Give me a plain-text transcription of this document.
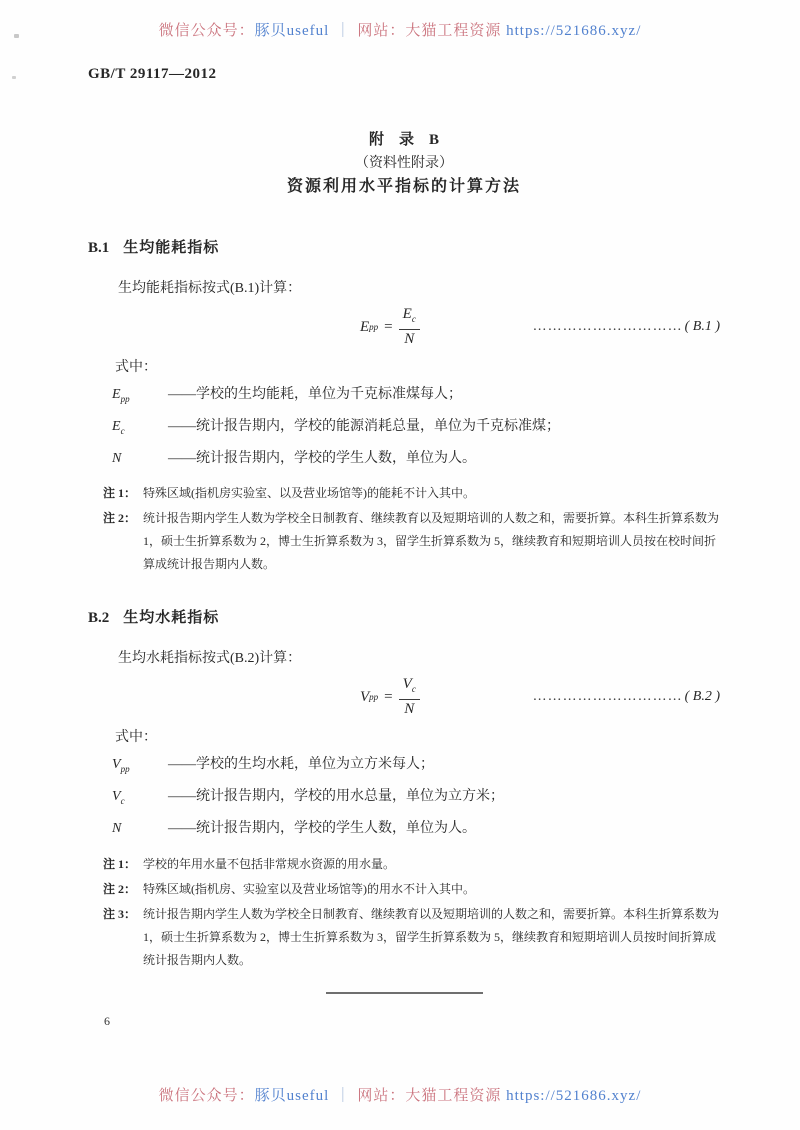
微信公众号：豚贝useful ｜ 网站：大猫工程资源 https://521686.xyz/
GB/T 29117—2012
附　录　B
（资料性附录）
资源利用水平指标的计算方法
B.1 生均能耗指标

生均能耗指标按式(B.1)计算：

E pp = $\frac{E_c}{N}$	………………………… ( B.1 )

式中：

$E_{pp}$	——学校的生均能耗，单位为千克标准煤每人；
$E_c$	——统计报告期内，学校的能源消耗总量，单位为千克标准煤；
N	——统计报告期内，学校的学生人数，单位为人。
注 1： 特殊区域(指机房实验室、以及营业场馆等)的能耗不计入其中。
注 2： 统计报告期内学生人数为学校全日制教育、继续教育以及短期培训的人数之和，需要折算。本科生折算系数为 1，硕士生折算系数为 2，博士生折算系数为 3，留学生折算系数为 5，继续教育和短期培训人员按在校时间折算成统计报告期内人数。
B.2 生均水耗指标

生均水耗指标按式(B.2)计算：

V pp = $\frac{V_c}{N}$	………………………… ( B.2 )

式中：

$V_{pp}$	——学校的生均水耗，单位为立方米每人；
$V_c$	——统计报告期内，学校的用水总量，单位为立方米；
N	——统计报告期内，学校的学生人数，单位为人。
注 1： 学校的年用水量不包括非常规水资源的用水量。
注 2： 特殊区域(指机房、实验室以及营业场馆等)的用水不计入其中。
注 3： 统计报告期内学生人数为学校全日制教育、继续教育以及短期培训的人数之和，需要折算。本科生折算系数为 1，硕士生折算系数为 2，博士生折算系数为 3，留学生折算系数为 5，继续教育和短期培训人员按时间折算成统计报告期内人数。
6
微信公众号：豚贝useful ｜ 网站：大猫工程资源 https://521686.xyz/
